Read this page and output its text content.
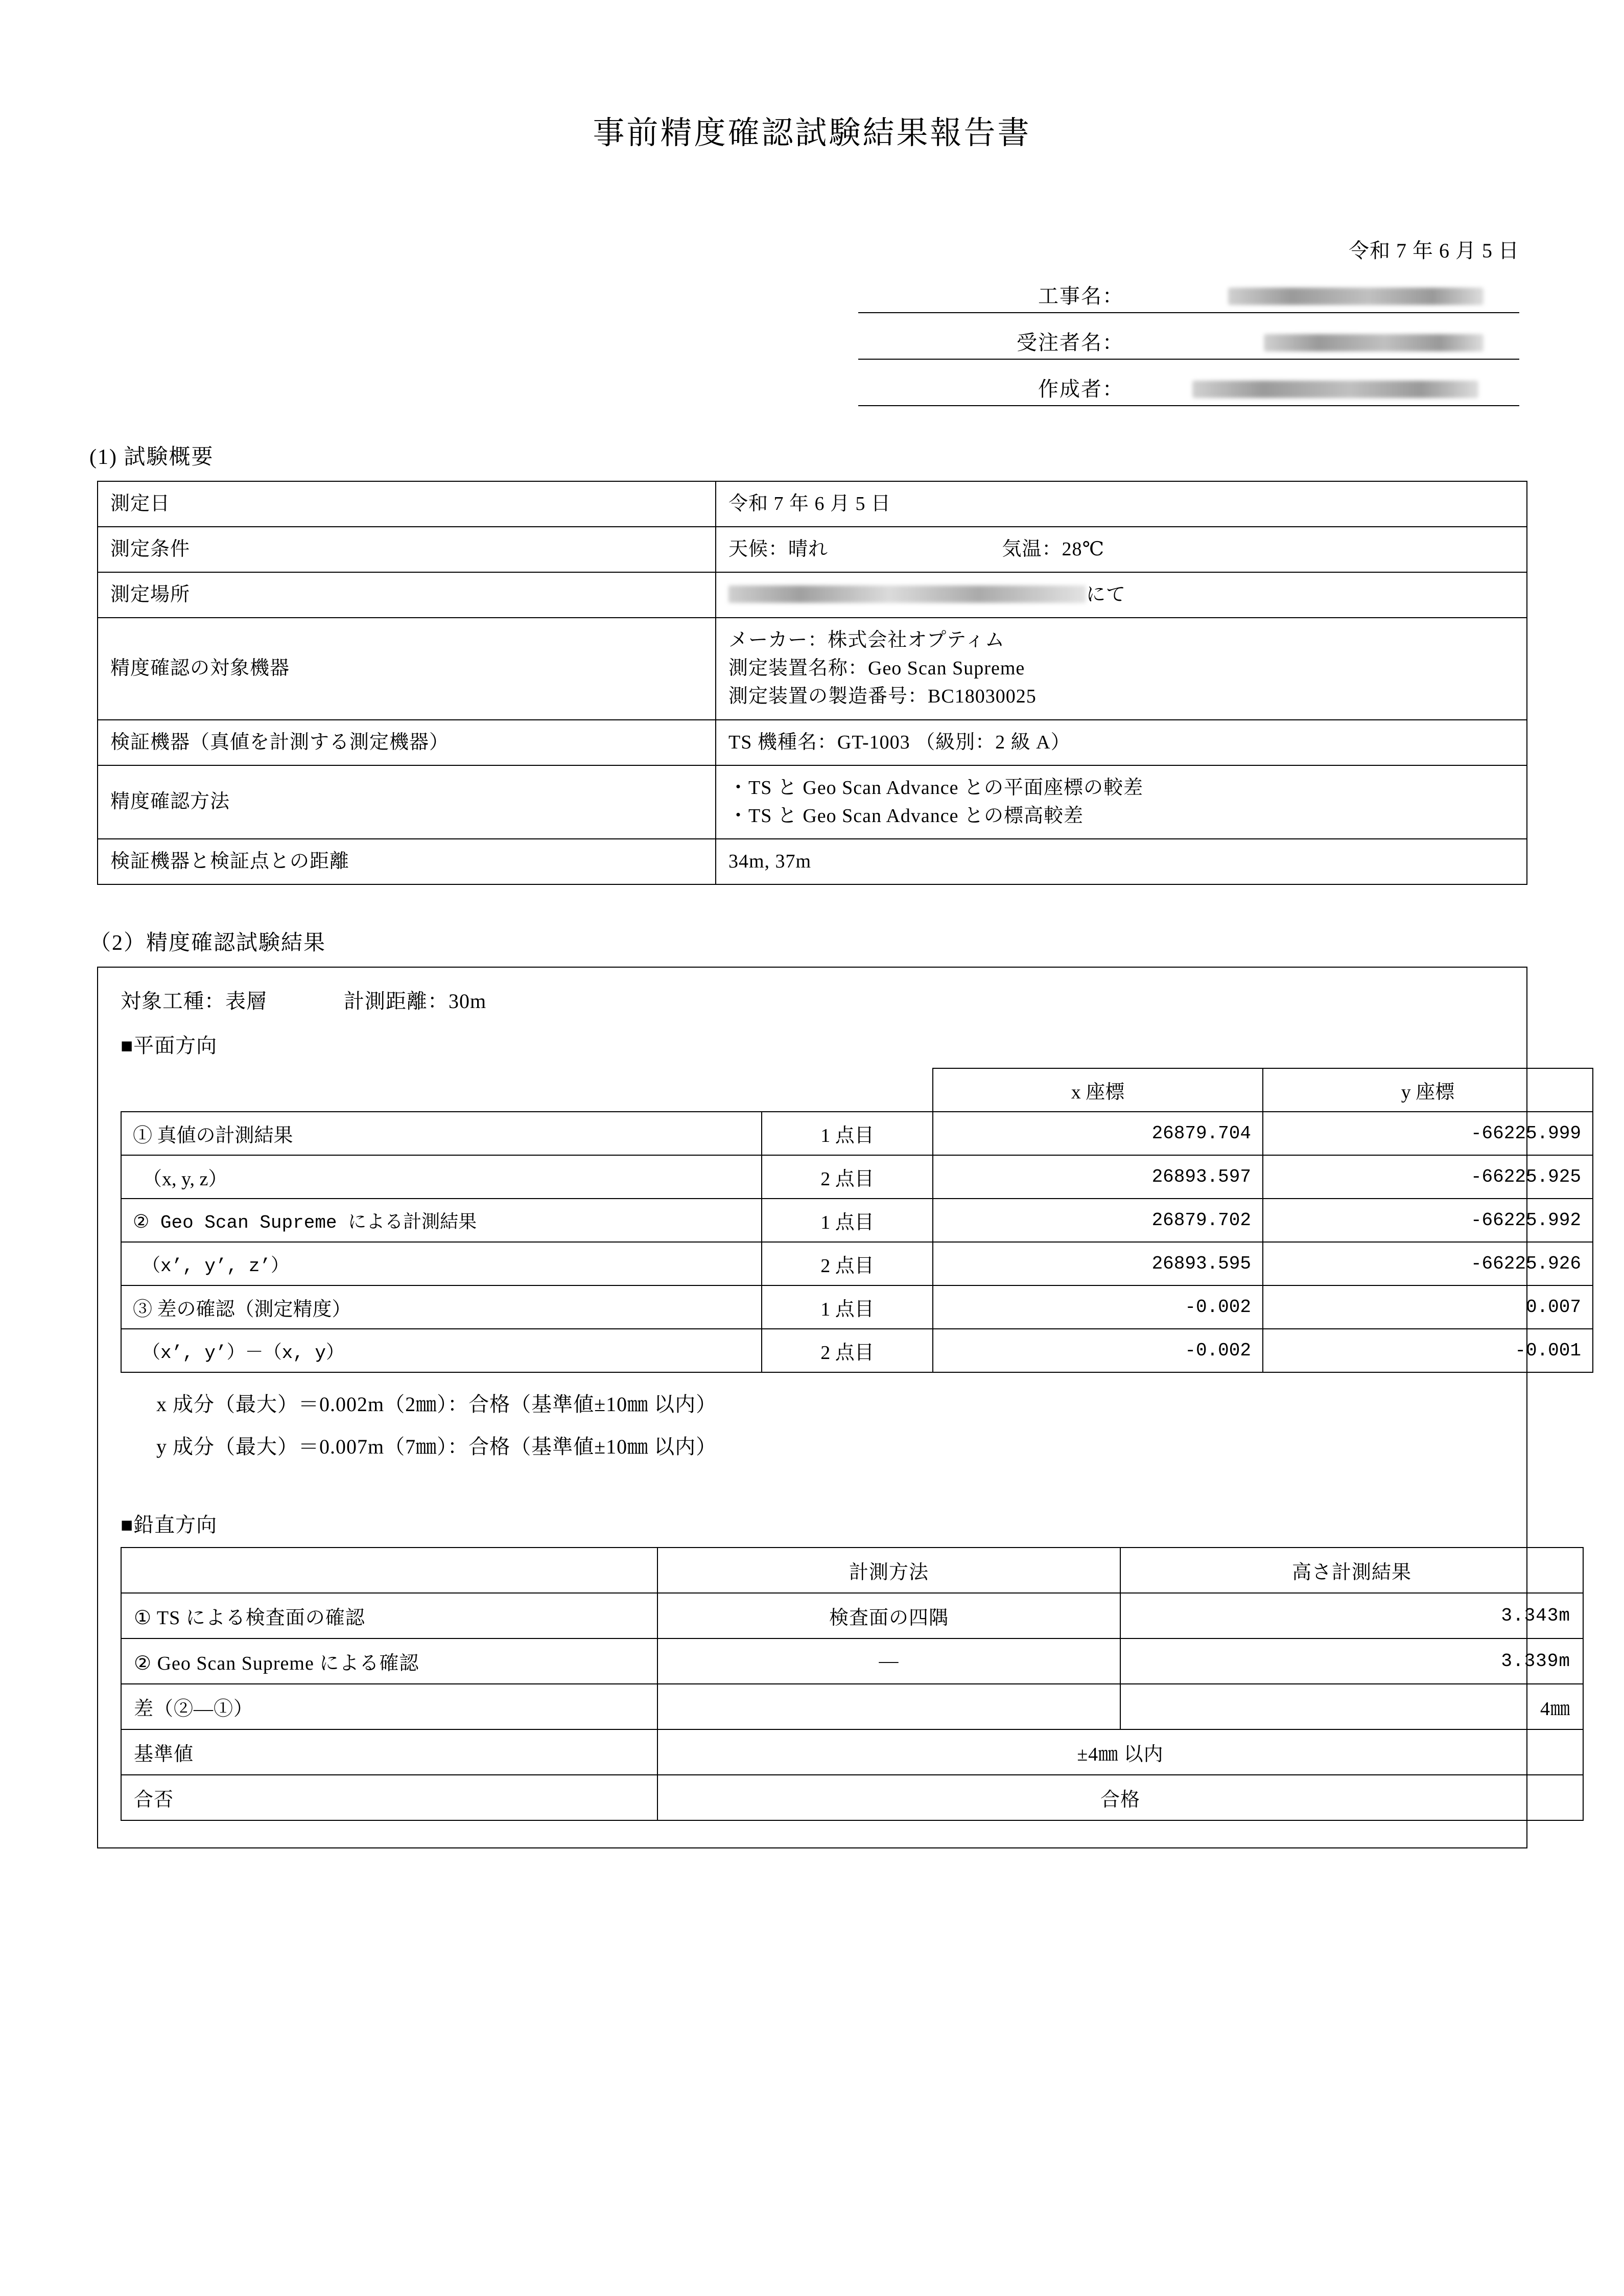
事前精度確認試験結果報告書
令和 7 年 6 月 5 日
工事名：
受注者名：
作成者：
(1) 試験概要
測定日	令和 7 年 6 月 5 日
測定条件	天候：晴れ 気温：28℃
測定場所	にて
精度確認の対象機器	メーカー：株式会社オプティム
測定装置名称：Geo Scan Supreme
測定装置の製造番号：BC18030025

検証機器（真値を計測する測定機器）	TS 機種名：GT-1003 （級別：2 級 A）
精度確認方法	・TS と Geo Scan Advance との平面座標の較差
・TS と Geo Scan Advance との標高較差

検証機器と検証点との距離	34m, 37m
（2）精度確認試験結果
対象工種：表層	計測距離：30m
■平面方向
		x 座標	y 座標
① 真値の計測結果	1 点目	26879.704	-66225.999
　（x, y, z）	2 点目	26893.597	-66225.925
② Geo Scan Supreme による計測結果	1 点目	26879.702	-66225.992
　（x’, y’, z’）	2 点目	26893.595	-66225.926
③ 差の確認（測定精度）	1 点目	-0.002	0.007
　（x’, y’）－（x, y）	2 点目	-0.002	-0.001
x 成分（最大）＝0.002m（2㎜）：合格（基準値±10㎜ 以内）
y 成分（最大）＝0.007m（7㎜）：合格（基準値±10㎜ 以内）
■鉛直方向
	計測方法	高さ計測結果
① TS による検査面の確認	検査面の四隅	3.343m
② Geo Scan Supreme による確認	―	3.339m
差（②―①）		4㎜
基準値	±4㎜ 以内	
合否	合格	
